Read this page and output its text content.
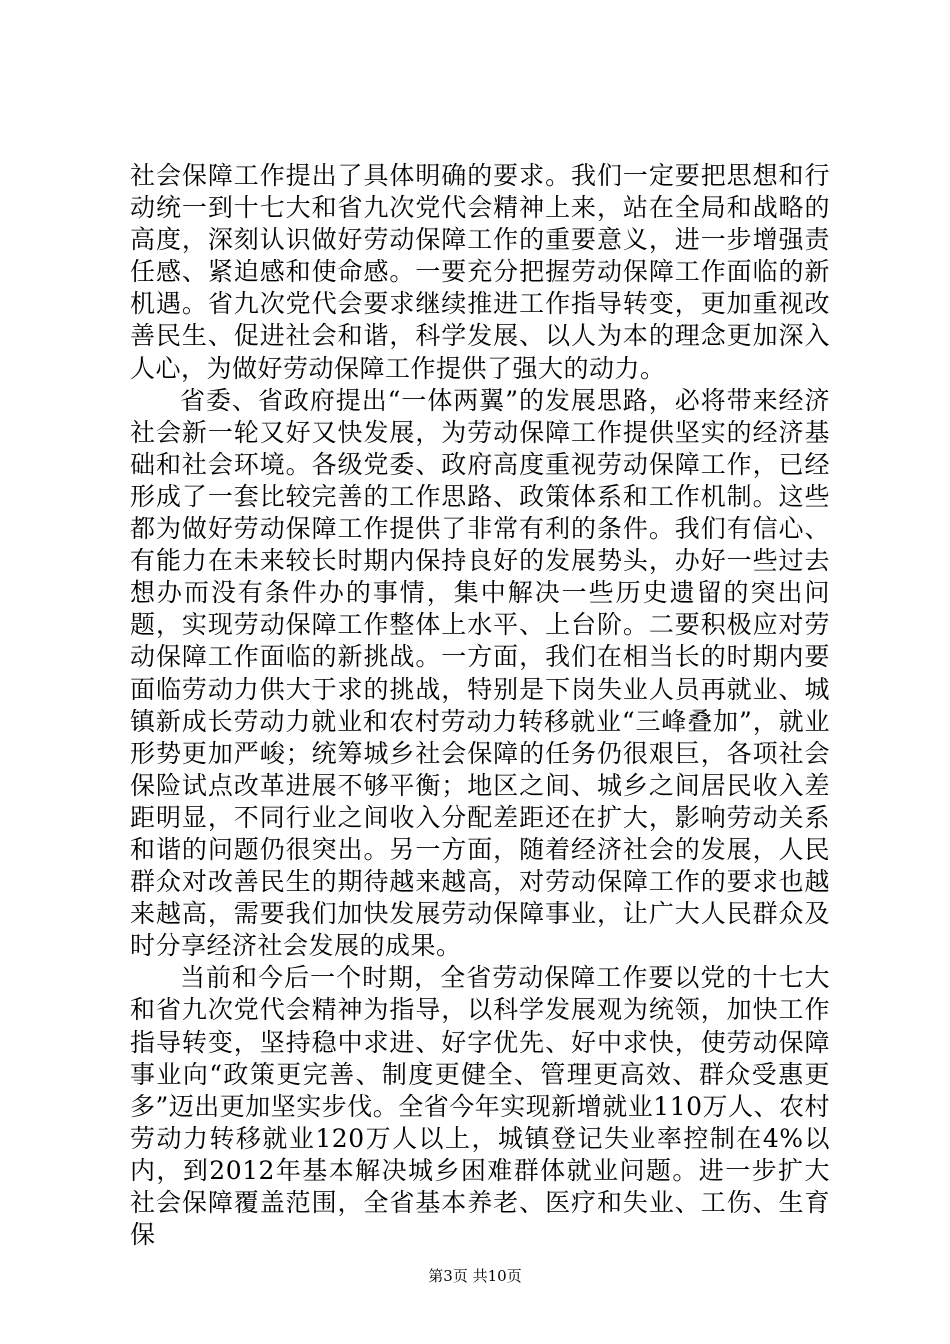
社会保障工作提出了具体明确的要求。我们一定要把思想和行动统一到十七大和省九次党代会精神上来，站在全局和战略的高度，深刻认识做好劳动保障工作的重要意义，进一步增强责任感、紧迫感和使命感。一要充分把握劳动保障工作面临的新机遇。省九次党代会要求继续推进工作指导转变，更加重视改善民生、促进社会和谐，科学发展、以人为本的理念更加深入人心，为做好劳动保障工作提供了强大的动力。

省委、省政府提出“一体两翼”的发展思路，必将带来经济社会新一轮又好又快发展，为劳动保障工作提供坚实的经济基础和社会环境。各级党委、政府高度重视劳动保障工作，已经形成了一套比较完善的工作思路、政策体系和工作机制。这些都为做好劳动保障工作提供了非常有利的条件。我们有信心、有能力在未来较长时期内保持良好的发展势头，办好一些过去想办而没有条件办的事情，集中解决一些历史遗留的突出问题，实现劳动保障工作整体上水平、上台阶。二要积极应对劳动保障工作面临的新挑战。一方面，我们在相当长的时期内要面临劳动力供大于求的挑战，特别是下岗失业人员再就业、城镇新成长劳动力就业和农村劳动力转移就业“三峰叠加”，就业形势更加严峻；统筹城乡社会保障的任务仍很艰巨，各项社会保险试点改革进展不够平衡；地区之间、城乡之间居民收入差距明显，不同行业之间收入分配差距还在扩大，影响劳动关系和谐的问题仍很突出。另一方面，随着经济社会的发展，人民群众对改善民生的期待越来越高，对劳动保障工作的要求也越来越高，需要我们加快发展劳动保障事业，让广大人民群众及时分享经济社会发展的成果。

当前和今后一个时期，全省劳动保障工作要以党的十七大和省九次党代会精神为指导，以科学发展观为统领，加快工作指导转变，坚持稳中求进、好字优先、好中求快，使劳动保障事业向“政策更完善、制度更健全、管理更高效、群众受惠更多”迈出更加坚实步伐。全省今年实现新增就业110万人、农村劳动力转移就业120万人以上，城镇登记失业率控制在4%以内，到2012年基本解决城乡困难群体就业问题。进一步扩大社会保障覆盖范围，全省基本养老、医疗和失业、工伤、生育保

第3页 共10页
